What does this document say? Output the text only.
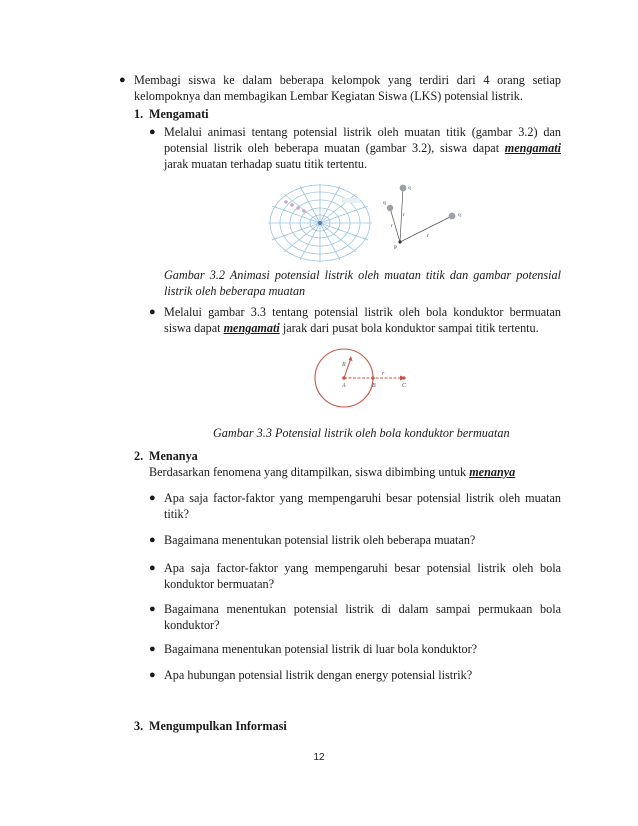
● Membagi siswa ke dalam beberapa kelompok yang terdiri dari 4 orang setiap
kelompoknya dan membagikan Lembar Kegiatan Siswa (LKS) potensial listrik.
1. Mengamati
● Melalui animasi tentang potensial listrik oleh muatan titik (gambar 3.2) dan
potensial listrik oleh beberapa muatan (gambar 3.2), siswa dapat mengamati
jarak muatan terhadap suatu titik tertentu.
q
q
q
r
r
r
P
Gambar 3.2 Animasi potensial listrik oleh muatan titik dan gambar potensial
listrik oleh beberapa muatan
● Melalui gambar 3.3 tentang potensial listrik oleh bola konduktor bermuatan
siswa dapat mengamati jarak dari pusat bola konduktor sampai titik tertentu.
R
r
A	B	C
Gambar 3.3 Potensial listrik oleh bola konduktor bermuatan
2. Menanya
Berdasarkan fenomena yang ditampilkan, siswa dibimbing untuk menanya
● Apa saja factor-faktor yang mempengaruhi besar potensial listrik oleh muatan
titik?
● Bagaimana menentukan potensial listrik oleh beberapa muatan?
● Apa saja factor-faktor yang mempengaruhi besar potensial listrik oleh bola
konduktor bermuatan?
● Bagaimana menentukan potensial listrik di dalam sampai permukaan bola
konduktor?
● Bagaimana menentukan potensial listrik di luar bola konduktor?
● Apa hubungan potensial listrik dengan energy potensial listrik?
3. Mengumpulkan Informasi
12
